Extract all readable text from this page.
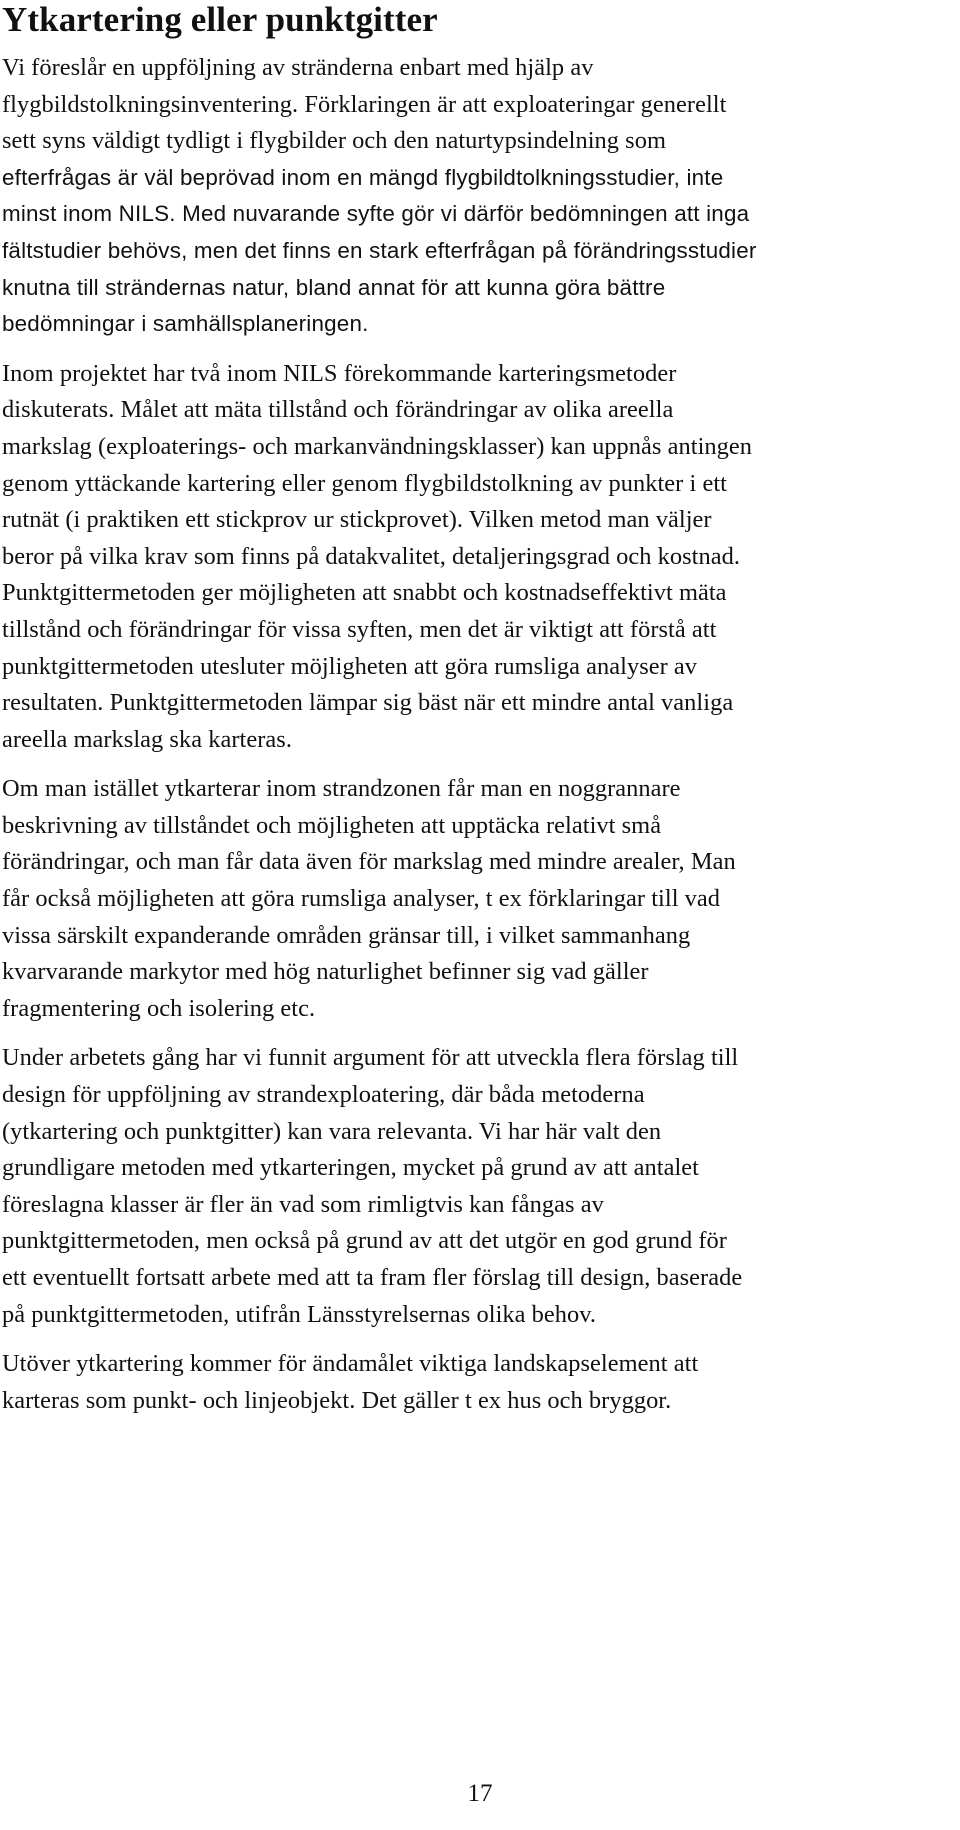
Ytkartering eller punktgitter

Vi föreslår en uppföljning av stränderna enbart med hjälp av
flygbildstolkningsinventering. Förklaringen är att exploateringar generellt
sett syns väldigt tydligt i flygbilder och den naturtypsindelning som
efterfrågas är väl beprövad inom en mängd flygbildtolkningsstudier, inte
minst inom NILS. Med nuvarande syfte gör vi därför bedömningen att inga
fältstudier behövs, men det finns en stark efterfrågan på förändringsstudier
knutna till strändernas natur, bland annat för att kunna göra bättre
bedömningar i samhällsplaneringen.

Inom projektet har två inom NILS förekommande karteringsmetoder
diskuterats. Målet att mäta tillstånd och förändringar av olika areella
markslag (exploaterings- och markanvändningsklasser) kan uppnås antingen
genom yttäckande kartering eller genom flygbildstolkning av punkter i ett
rutnät (i praktiken ett stickprov ur stickprovet). Vilken metod man väljer
beror på vilka krav som finns på datakvalitet, detaljeringsgrad och kostnad.
Punktgittermetoden ger möjligheten att snabbt och kostnadseffektivt mäta
tillstånd och förändringar för vissa syften, men det är viktigt att förstå att
punktgittermetoden utesluter möjligheten att göra rumsliga analyser av
resultaten. Punktgittermetoden lämpar sig bäst när ett mindre antal vanliga
areella markslag ska karteras.

Om man istället ytkarterar inom strandzonen får man en noggrannare
beskrivning av tillståndet och möjligheten att upptäcka relativt små
förändringar, och man får data även för markslag med mindre arealer, Man
får också möjligheten att göra rumsliga analyser, t ex förklaringar till vad
vissa särskilt expanderande områden gränsar till, i vilket sammanhang
kvarvarande markytor med hög naturlighet befinner sig vad gäller
fragmentering och isolering etc.

Under arbetets gång har vi funnit argument för att utveckla flera förslag till
design för uppföljning av strandexploatering, där båda metoderna
(ytkartering och punktgitter) kan vara relevanta. Vi har här valt den
grundligare metoden med ytkarteringen, mycket på grund av att antalet
föreslagna klasser är fler än vad som rimligtvis kan fångas av
punktgittermetoden, men också på grund av att det utgör en god grund för
ett eventuellt fortsatt arbete med att ta fram fler förslag till design, baserade
på punktgittermetoden, utifrån Länsstyrelsernas olika behov.

Utöver ytkartering kommer för ändamålet viktiga landskapselement att
karteras som punkt- och linjeobjekt. Det gäller t ex hus och bryggor.

17
